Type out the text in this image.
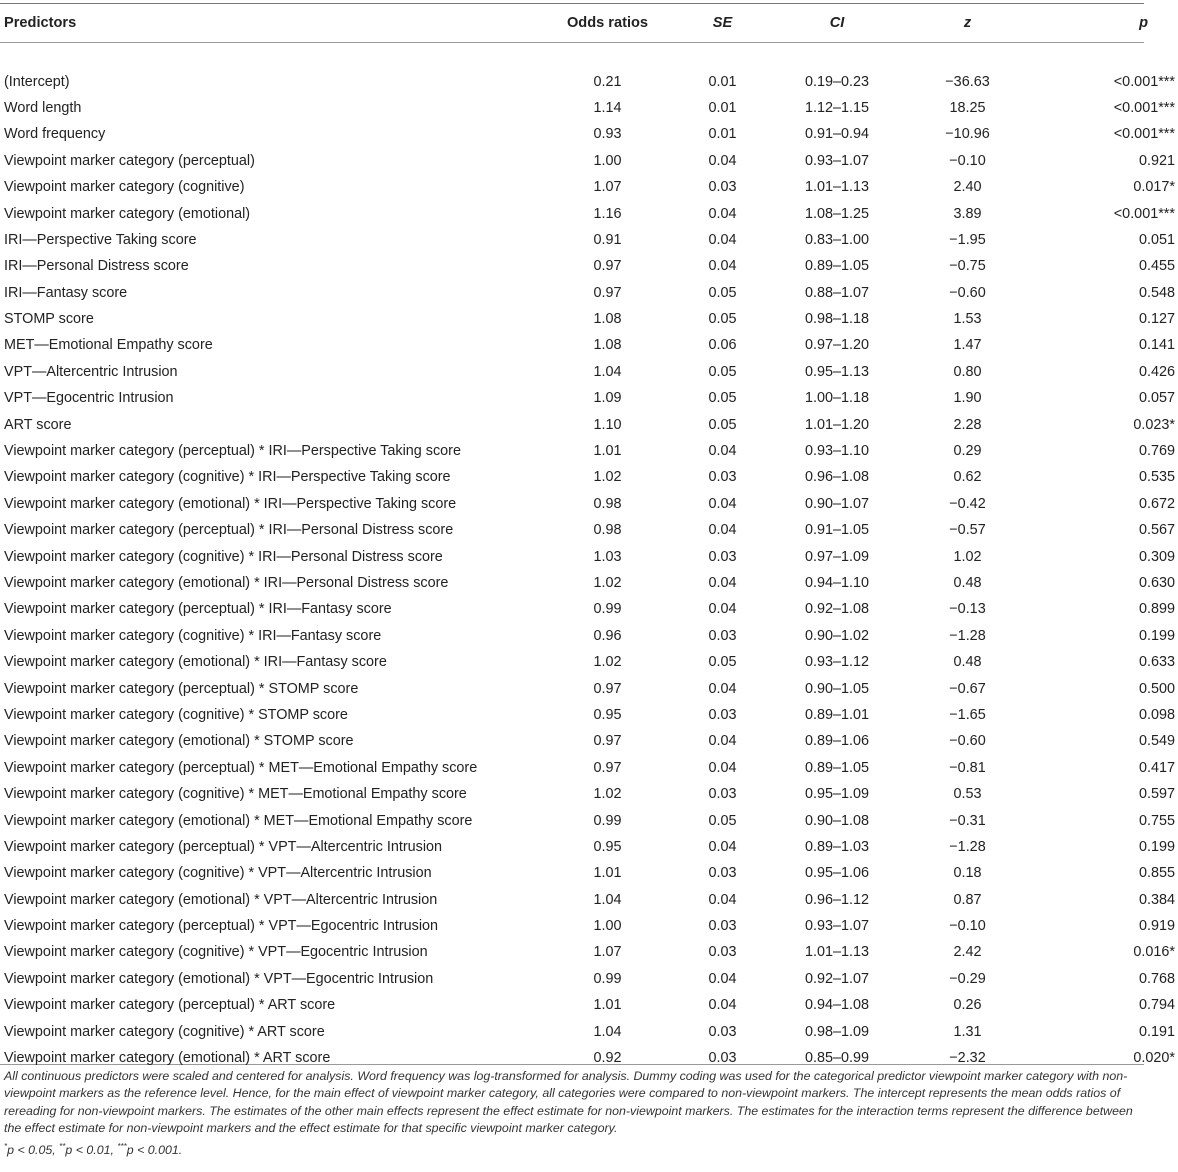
Predictors	Odds ratios	SE	CI	z	p

(Intercept)	0.21	0.01	0.19–0.23	−36.63	<0.001***
Word length	1.14	0.01	1.12–1.15	18.25	<0.001***
Word frequency	0.93	0.01	0.91–0.94	−10.96	<0.001***
Viewpoint marker category (perceptual)	1.00	0.04	0.93–1.07	−0.10	0.921
Viewpoint marker category (cognitive)	1.07	0.03	1.01–1.13	2.40	0.017*
Viewpoint marker category (emotional)	1.16	0.04	1.08–1.25	3.89	<0.001***
IRI—Perspective Taking score	0.91	0.04	0.83–1.00	−1.95	0.051
IRI—Personal Distress score	0.97	0.04	0.89–1.05	−0.75	0.455
IRI—Fantasy score	0.97	0.05	0.88–1.07	−0.60	0.548
STOMP score	1.08	0.05	0.98–1.18	1.53	0.127
MET—Emotional Empathy score	1.08	0.06	0.97–1.20	1.47	0.141
VPT—Altercentric Intrusion	1.04	0.05	0.95–1.13	0.80	0.426
VPT—Egocentric Intrusion	1.09	0.05	1.00–1.18	1.90	0.057
ART score	1.10	0.05	1.01–1.20	2.28	0.023*
Viewpoint marker category (perceptual) * IRI—Perspective Taking score	1.01	0.04	0.93–1.10	0.29	0.769
Viewpoint marker category (cognitive) * IRI—Perspective Taking score	1.02	0.03	0.96–1.08	0.62	0.535
Viewpoint marker category (emotional) * IRI—Perspective Taking score	0.98	0.04	0.90–1.07	−0.42	0.672
Viewpoint marker category (perceptual) * IRI—Personal Distress score	0.98	0.04	0.91–1.05	−0.57	0.567
Viewpoint marker category (cognitive) * IRI—Personal Distress score	1.03	0.03	0.97–1.09	1.02	0.309
Viewpoint marker category (emotional) * IRI—Personal Distress score	1.02	0.04	0.94–1.10	0.48	0.630
Viewpoint marker category (perceptual) * IRI—Fantasy score	0.99	0.04	0.92–1.08	−0.13	0.899
Viewpoint marker category (cognitive) * IRI—Fantasy score	0.96	0.03	0.90–1.02	−1.28	0.199
Viewpoint marker category (emotional) * IRI—Fantasy score	1.02	0.05	0.93–1.12	0.48	0.633
Viewpoint marker category (perceptual) * STOMP score	0.97	0.04	0.90–1.05	−0.67	0.500
Viewpoint marker category (cognitive) * STOMP score	0.95	0.03	0.89–1.01	−1.65	0.098
Viewpoint marker category (emotional) * STOMP score	0.97	0.04	0.89–1.06	−0.60	0.549
Viewpoint marker category (perceptual) * MET—Emotional Empathy score	0.97	0.04	0.89–1.05	−0.81	0.417
Viewpoint marker category (cognitive) * MET—Emotional Empathy score	1.02	0.03	0.95–1.09	0.53	0.597
Viewpoint marker category (emotional) * MET—Emotional Empathy score	0.99	0.05	0.90–1.08	−0.31	0.755
Viewpoint marker category (perceptual) * VPT—Altercentric Intrusion	0.95	0.04	0.89–1.03	−1.28	0.199
Viewpoint marker category (cognitive) * VPT—Altercentric Intrusion	1.01	0.03	0.95–1.06	0.18	0.855
Viewpoint marker category (emotional) * VPT—Altercentric Intrusion	1.04	0.04	0.96–1.12	0.87	0.384
Viewpoint marker category (perceptual) * VPT—Egocentric Intrusion	1.00	0.03	0.93–1.07	−0.10	0.919
Viewpoint marker category (cognitive) * VPT—Egocentric Intrusion	1.07	0.03	1.01–1.13	2.42	0.016*
Viewpoint marker category (emotional) * VPT—Egocentric Intrusion	0.99	0.04	0.92–1.07	−0.29	0.768
Viewpoint marker category (perceptual) * ART score	1.01	0.04	0.94–1.08	0.26	0.794
Viewpoint marker category (cognitive) * ART score	1.04	0.03	0.98–1.09	1.31	0.191
Viewpoint marker category (emotional) * ART score	0.92	0.03	0.85–0.99	−2.32	0.020*

All continuous predictors were scaled and centered for analysis. Word frequency was log-transformed for analysis. Dummy coding was used for the categorical predictor viewpoint marker category with non-viewpoint markers as the reference level. Hence, for the main effect of viewpoint marker category, all categories were compared to non-viewpoint markers. The intercept represents the mean odds ratios of rereading for non-viewpoint markers. The estimates of the other main effects represent the effect estimate for non-viewpoint markers. The estimates for the interaction terms represent the difference between the effect estimate for non-viewpoint markers and the effect estimate for that specific viewpoint marker category.

*p < 0.05, **p < 0.01, ***p < 0.001.
